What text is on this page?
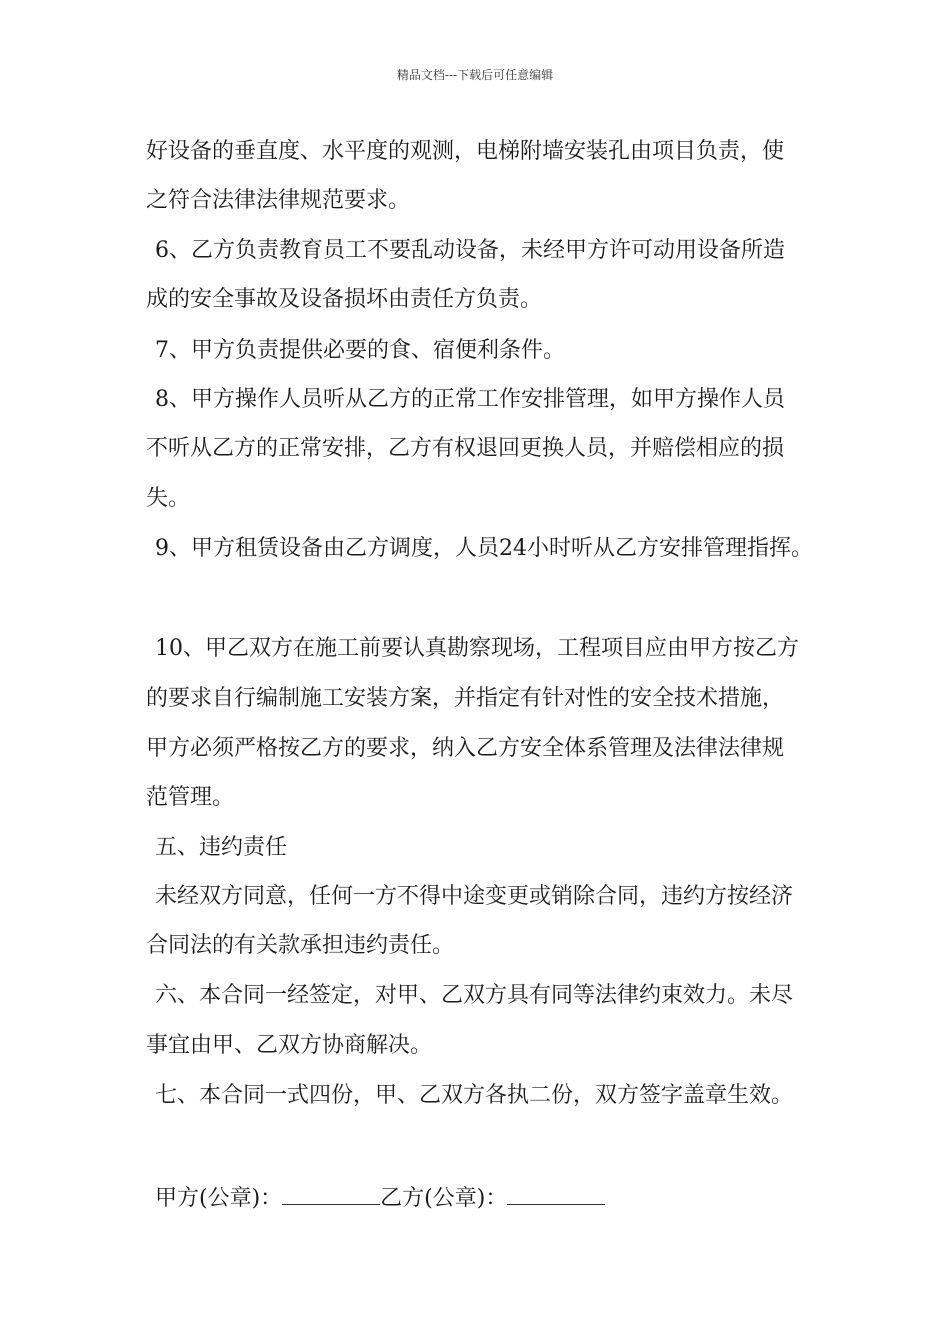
精品文档---下载后可任意编辑
好设备的垂直度、水平度的观测，电梯附墙安装孔由项目负责，使
之符合法律法律规范要求。
6、乙方负责教育员工不要乱动设备，未经甲方许可动用设备所造
成的安全事故及设备损坏由责任方负责。
7、甲方负责提供必要的食、宿便利条件。
8、甲方操作人员听从乙方的正常工作安排管理，如甲方操作人员
不听从乙方的正常安排，乙方有权退回更换人员，并赔偿相应的损
失。
9、甲方租赁设备由乙方调度，人员24小时听从乙方安排管理指挥。
10、甲乙双方在施工前要认真勘察现场，工程项目应由甲方按乙方
的要求自行编制施工安装方案，并指定有针对性的安全技术措施，
甲方必须严格按乙方的要求，纳入乙方安全体系管理及法律法律规
范管理。
五、违约责任
未经双方同意，任何一方不得中途变更或销除合同，违约方按经济
合同法的有关款承担违约责任。
六、本合同一经签定，对甲、乙双方具有同等法律约束效力。未尽
事宜由甲、乙双方协商解决。
七、本合同一式四份，甲、乙双方各执二份，双方签字盖章生效。
甲方(公章)：	乙方(公章)：
